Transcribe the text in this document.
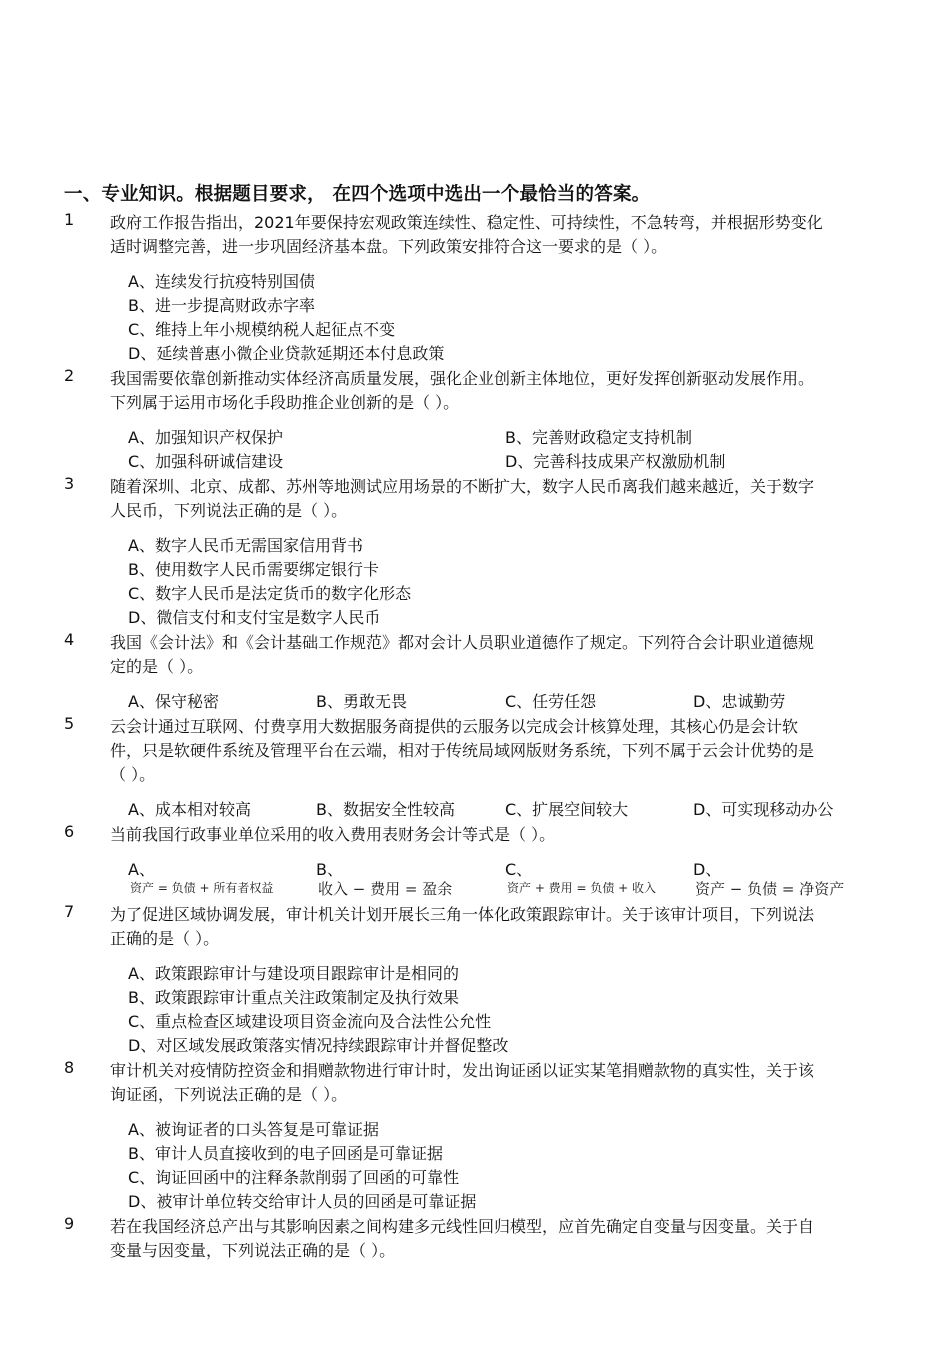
一、专业知识。根据题目要求， 在四个选项中选出一个最恰当的答案。
1 政府工作报告指出，2021年要保持宏观政策连续性、稳定性、可持续性，不急转弯，并根据形势变化
适时调整完善，进一步巩固经济基本盘。下列政策安排符合这一要求的是（ ）。
A、连续发行抗疫特别国债
B、进一步提高财政赤字率
C、维持上年小规模纳税人起征点不变
D、延续普惠小微企业贷款延期还本付息政策
2 我国需要依靠创新推动实体经济高质量发展，强化企业创新主体地位，更好发挥创新驱动发展作用。
下列属于运用市场化手段助推企业创新的是（ ）。
A、加强知识产权保护	B、完善财政稳定支持机制
C、加强科研诚信建设	D、完善科技成果产权激励机制
3 随着深圳、北京、成都、苏州等地测试应用场景的不断扩大，数字人民币离我们越来越近，关于数字
人民币，下列说法正确的是（ ）。
A、数字人民币无需国家信用背书
B、使用数字人民币需要绑定银行卡
C、数字人民币是法定货币的数字化形态
D、微信支付和支付宝是数字人民币
4 我国《会计法》和《会计基础工作规范》都对会计人员职业道德作了规定。下列符合会计职业道德规
定的是（ ）。
A、保守秘密	B、勇敢无畏	C、任劳任怨	D、忠诚勤劳
5 云会计通过互联网、付费享用大数据服务商提供的云服务以完成会计核算处理，其核心仍是会计软
件，只是软硬件系统及管理平台在云端，相对于传统局域网版财务系统，下列不属于云会计优势的是
（ ）。
A、成本相对较高	B、数据安全性较高	C、扩展空间较大	D、可实现移动办公
6 当前我国行政事业单位采用的收入费用表财务会计等式是（ ）。
A、
资产 = 负债 + 所有者权益
B、
收入 − 费用 = 盈余
C、
资产 + 费用 = 负债 + 收入
D、
资产 − 负债 = 净资产
7 为了促进区域协调发展，审计机关计划开展长三角一体化政策跟踪审计。关于该审计项目，下列说法
正确的是（ ）。
A、政策跟踪审计与建设项目跟踪审计是相同的
B、政策跟踪审计重点关注政策制定及执行效果
C、重点检查区域建设项目资金流向及合法性公允性
D、对区域发展政策落实情况持续跟踪审计并督促整改
8 审计机关对疫情防控资金和捐赠款物进行审计时，发出询证函以证实某笔捐赠款物的真实性，关于该
询证函，下列说法正确的是（ ）。
A、被询证者的口头答复是可靠证据
B、审计人员直接收到的电子回函是可靠证据
C、询证回函中的注释条款削弱了回函的可靠性
D、被审计单位转交给审计人员的回函是可靠证据
9 若在我国经济总产出与其影响因素之间构建多元线性回归模型，应首先确定自变量与因变量。关于自
变量与因变量，下列说法正确的是（ ）。
